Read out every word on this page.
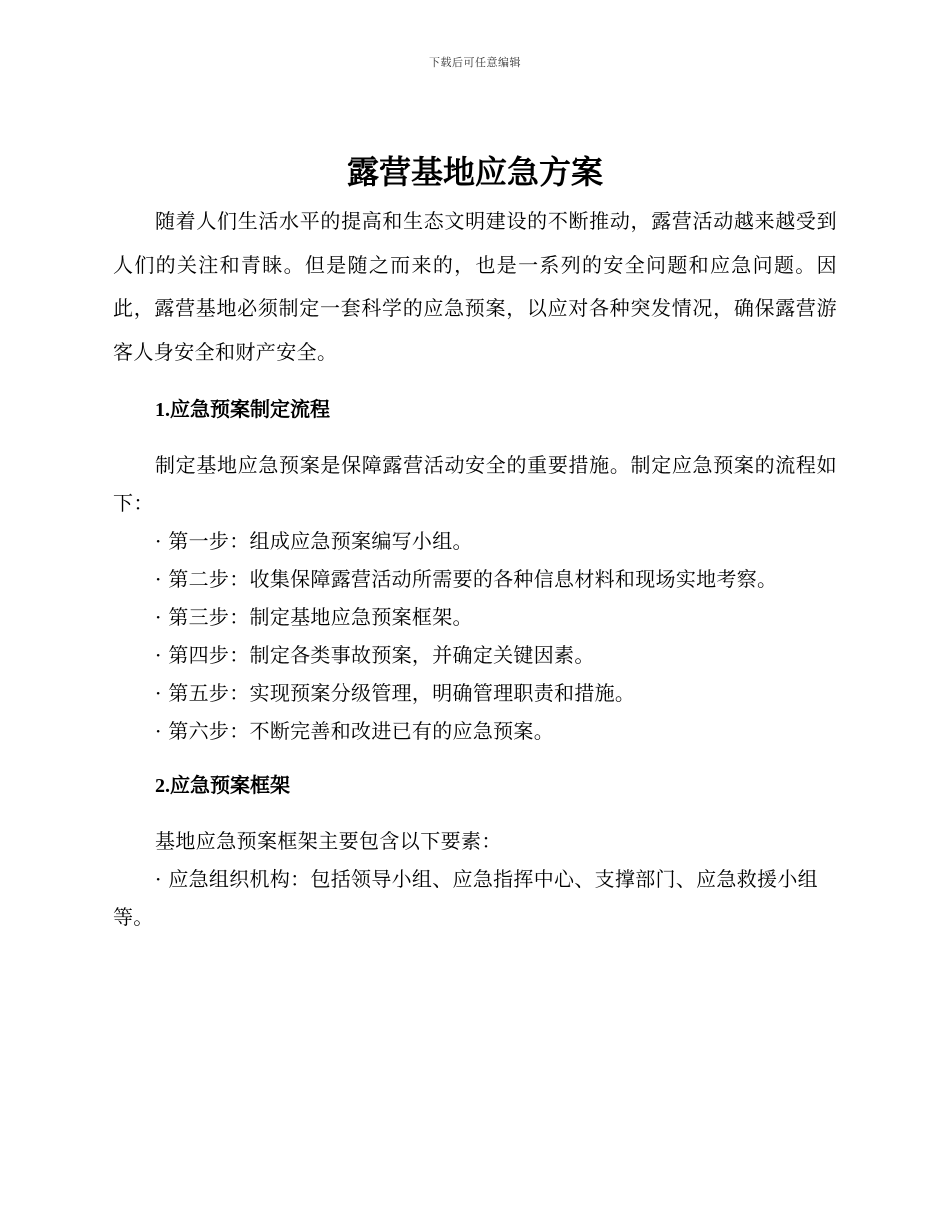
下载后可任意编辑
露营基地应急方案

随着人们生活水平的提高和生态文明建设的不断推动，露营活动越来越受到人们的关注和青睐。但是随之而来的，也是一系列的安全问题和应急问题。因此，露营基地必须制定一套科学的应急预案，以应对各种突发情况，确保露营游客人身安全和财产安全。

1.应急预案制定流程

制定基地应急预案是保障露营活动安全的重要措施。制定应急预案的流程如下：

· 第一步：组成应急预案编写小组。

· 第二步：收集保障露营活动所需要的各种信息材料和现场实地考察。

· 第三步：制定基地应急预案框架。

· 第四步：制定各类事故预案，并确定关键因素。

· 第五步：实现预案分级管理，明确管理职责和措施。

· 第六步：不断完善和改进已有的应急预案。

2.应急预案框架

基地应急预案框架主要包含以下要素：

· 应急组织机构：包括领导小组、应急指挥中心、支撑部门、应急救援小组等。
